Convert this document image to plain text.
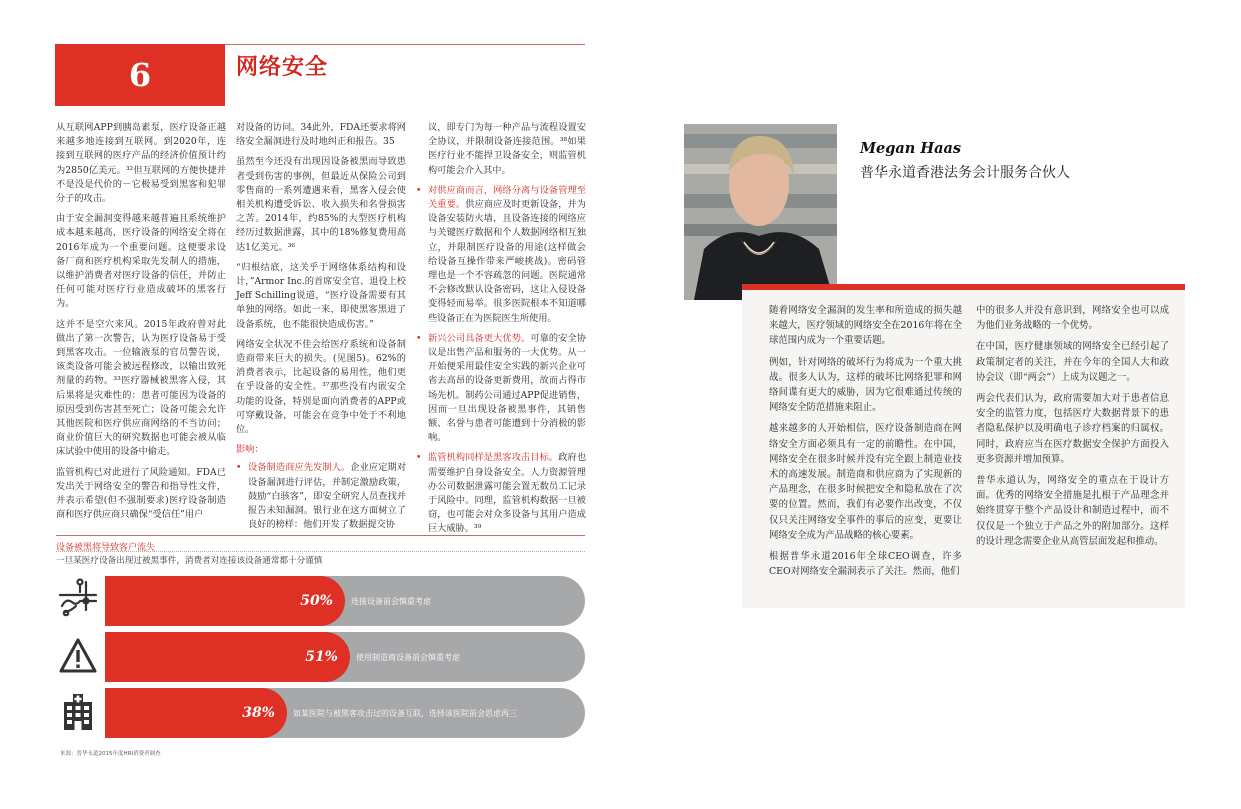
6	网络安全

从互联网APP到胰岛素泵，医疗设备正越来越多地连接到互联网。到2020年，连接到互联网的医疗产品的经济价值预计约为2850亿美元。³²但互联网的方便快捷并不是没是代价的－它极易受到黑客和犯罪分子的攻击。

由于安全漏洞变得越来越普遍且系统维护成本越来越高，医疗设备的网络安全将在2016年成为一个重要问题。这便要求设备厂商和医疗机构采取先发制人的措施，以维护消费者对医疗设备的信任，并防止任何可能对医疗行业造成破坏的黑客行为。

这并不是空穴来风。2015年政府曾对此做出了第一次警告，认为医疗设备易于受到黑客攻击。一位输液泵的官员警告说，该类设备可能会被远程修改，以输出致死剂量的药物。³³医疗器械被黑客入侵，其后果将是灾难性的：患者可能因为设备的原因受到伤害甚至死亡；设备可能会允许其他医院和医疗供应商网络的不当访问；商业价值巨大的研究数据也可能会被从临床试验中使用的设备中偷走。

监管机构已对此进行了风险通知。FDA已发出关于网络安全的警告和指导性文件，并表示希望(但不强制要求)医疗设备制造商和医疗供应商只确保“受信任”用户

对设备的访问。34此外，FDA还要求将网络安全漏洞进行及时地纠正和报告。35

虽然至今还没有出现因设备被黑而导致患者受到伤害的事例，但最近从保险公司到零售商的一系列遭遇来看，黑客入侵会使相关机构遭受诉讼、收入损失和名誉损害之苦。2014年，约85%的大型医疗机构经历过数据泄露，其中的18%修复费用高达1亿美元。³⁶

“归根结底，这关乎于网络体系结构和设计，”Armor Inc.的首席安全官、退役上校Jeff Schilling说道，“医疗设备需要有其单独的网络。如此一来，即使黑客黑进了设备系统，也不能很快造成伤害。”

网络安全状况不佳会给医疗系统和设备制造商带来巨大的损失。(见图5)。62%的消费者表示，比起设备的易用性，他们更在乎设备的安全性。³⁷那些没有内嵌安全功能的设备，特别是面向消费者的APP或可穿戴设备，可能会在竞争中处于不利地位。

影响：
• 设备制造商应先发制人。企业应定期对设备漏洞进行评估，并制定激励政策，鼓励“白骇客”，即安全研究人员查找并报告未知漏洞。银行业在这方面树立了良好的榜样：他们开发了数据提交协

议，即专门为每一种产品与流程设置安全协议，并限制设备连接范围。³⁸如果医疗行业不能捍卫设备安全，则监管机构可能会介入其中。

• 对供应商而言，网络分离与设备管理至关重要。供应商应及时更新设备，并为设备安装防火墙，且设备连接的网络应与关键医疗数据和个人数据网络相互独立，并限制医疗设备的用途(这样做会给设备互操作带来严峻挑战)。密码管理也是一个不容疏忽的问题。医院通常不会修改默认设备密码，这让入侵设备变得轻而易举。很多医院根本不知道哪些设备正在为医院医生所使用。
• 新兴公司具备更大优势。可靠的安全协议是出售产品和服务的一大优势。从一开始便采用最佳安全实践的新兴企业可省去高昂的设备更新费用，故而占得市场先机。制药公司通过APP促进销售，因而一旦出现设备被黑事件，其销售额、名誉与患者可能遭到十分消极的影响。
• 监管机构同样是黑客攻击目标。政府也需要维护自身设备安全。人力资源管理办公司数据泄露可能会置无数员工记录于风险中。同理，监管机构数据一旦被窃，也可能会对众多设备与其用户造成巨大威胁。³⁹
设备被黑将导致客户流失
一旦某医疗设备出现过被黑事件，消费者对连接该设备通常都十分谨慎
50% 连接设备前会慎重考虑
51% 使用制造商设备前会慎重考虑
38% 如某医院与被黑客攻击过的设备互联，选择该医院前会思虑再三
来源：普华永道2015年度HRI消费者调查
Megan Haas
普华永道香港法务会计服务合伙人

随着网络安全漏洞的发生率和所造成的损失越来越大，医疗领域的网络安全在2016年将在全球范围内成为一个重要话题。

例如，针对网络的破坏行为将成为一个重大挑战。很多人认为，这样的破坏比网络犯罪和网络间谍有更大的威胁，因为它很难通过传统的网络安全防范措施来阻止。

越来越多的人开始相信，医疗设备制造商在网络安全方面必须具有一定的前瞻性。在中国，网络安全在很多时候并没有完全跟上制造业技术的高速发展。制造商和供应商为了实现新的产品理念，在很多时候把安全和隐私放在了次要的位置。然而，我们有必要作出改变，不仅仅只关注网络安全事件的事后的应变，更要让网络安全成为产品战略的核心要素。

根据普华永道2016年全球CEO调查，许多CEO对网络安全漏洞表示了关注。然而，他们

中的很多人并没有意识到，网络安全也可以成为他们业务战略的一个优势。

在中国，医疗健康领域的网络安全已经引起了政策制定者的关注，并在今年的全国人大和政协会议（即“两会”）上成为议题之一。

两会代表们认为，政府需要加大对于患者信息安全的监管力度，包括医疗大数据背景下的患者隐私保护以及明确电子诊疗档案的归属权。同时，政府应当在医疗数据安全保护方面投入更多资源并增加预算。

普华永道认为，网络安全的重点在于设计方面。优秀的网络安全措施是扎根于产品理念并始终贯穿于整个产品设计和制造过程中，而不仅仅是一个独立于产品之外的附加部分。这样的设计理念需要企业从高管层面发起和推动。
